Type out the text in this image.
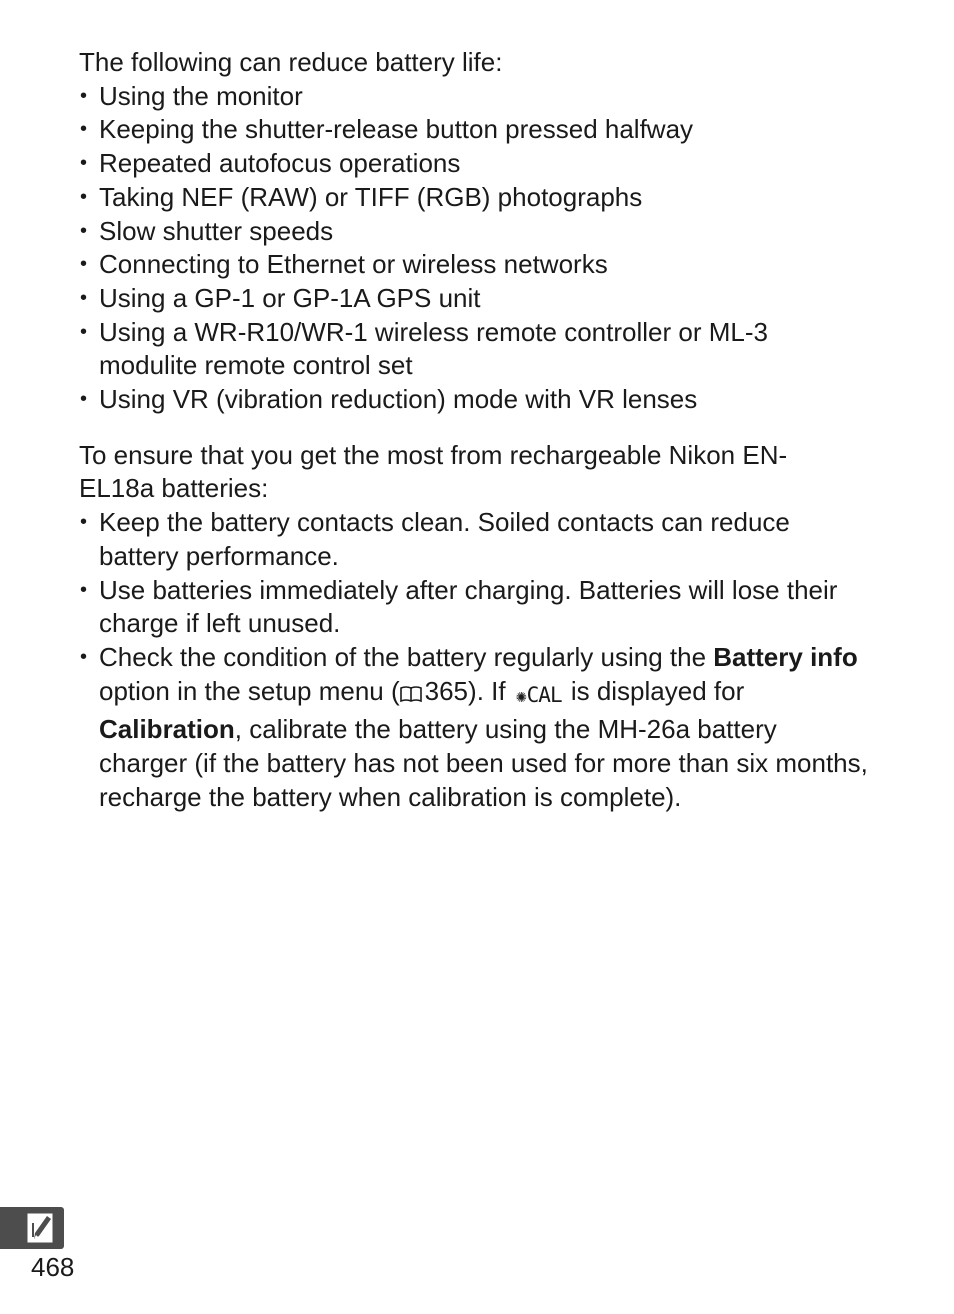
The following can reduce battery life:

• Using the monitor
• Keeping the shutter-release button pressed halfway
• Repeated autofocus operations
• Taking NEF (RAW) or TIFF (RGB) photographs
• Slow shutter speeds
• Connecting to Ethernet or wireless networks
• Using a GP-1 or GP-1A GPS unit
• Using a WR-R10/WR-1 wireless remote controller or ML-3 modulite remote control set
• Using VR (vibration reduction) mode with VR lenses

To ensure that you get the most from rechargeable Nikon EN-EL18a batteries:

• Keep the battery contacts clean. Soiled contacts can reduce battery performance.
• Use batteries immediately after charging. Batteries will lose their charge if left unused.
• Check the condition of the battery regularly using the Battery info option in the setup menu ( 365). If ✺CAL is displayed for Calibration, calibrate the battery using the MH-26a battery charger (if the battery has not been used for more than six months, recharge the battery when calibration is complete).
468
